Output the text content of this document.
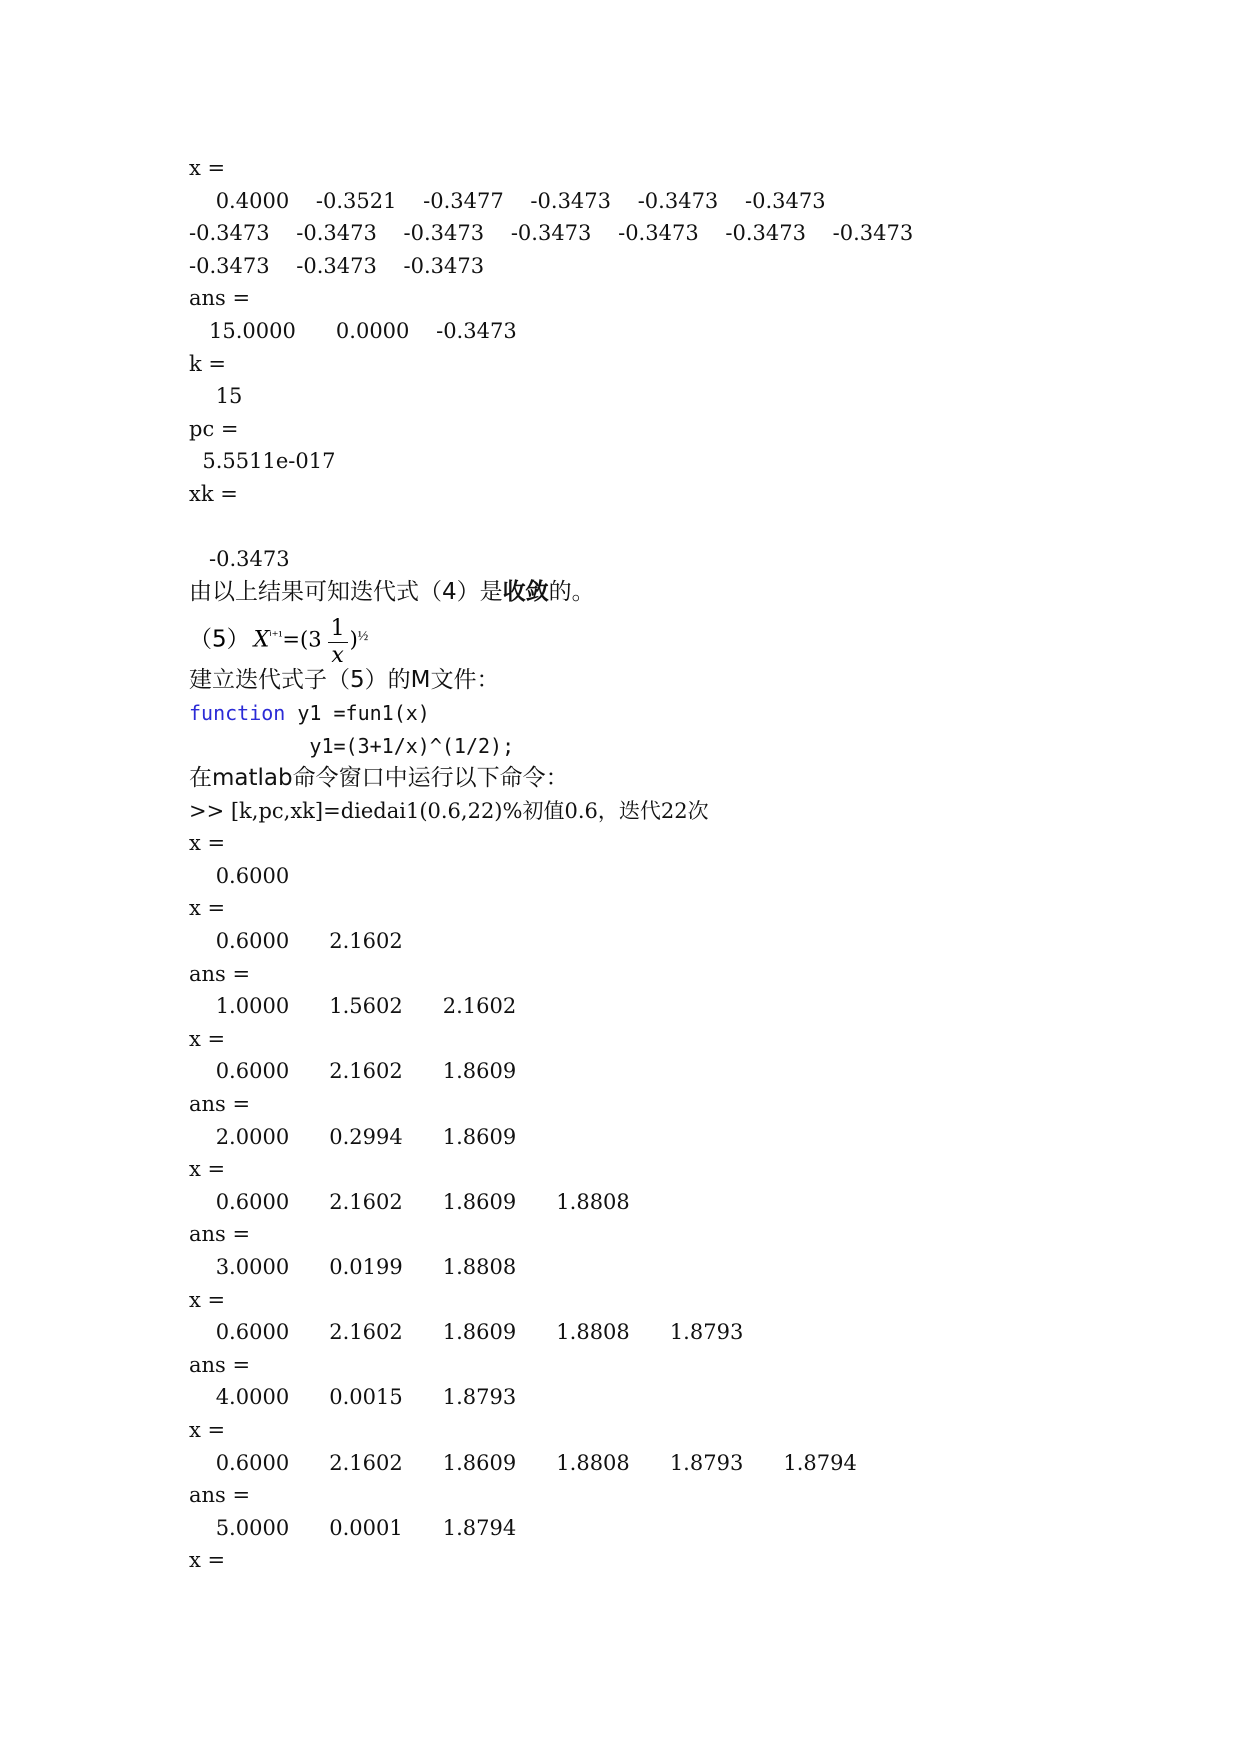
x =
0.4000    -0.3521    -0.3477    -0.3473    -0.3473    -0.3473
-0.3473    -0.3473    -0.3473    -0.3473    -0.3473    -0.3473    -0.3473
-0.3473    -0.3473    -0.3473
ans =
15.0000      0.0000    -0.3473
k =
15
pc =
5.5511e-017
xk =
-0.3473
由以上结果可知迭代式（4）是收敛的。
（5） $X^{^{i+1}}=(3 \frac{1}{x}$ )½
建立迭代式子（5）的M文件：
function y1 =fun1(x)
y1=(3+1/x)^(1/2);
在matlab命令窗口中运行以下命令：
>> [k,pc,xk]=diedai1(0.6,22)%初值0.6，迭代22次
x =
0.6000
x =
0.6000      2.1602
ans =
1.0000      1.5602      2.1602
x =
0.6000      2.1602      1.8609
ans =
2.0000      0.2994      1.8609
x =
0.6000      2.1602      1.8609      1.8808
ans =
3.0000      0.0199      1.8808
x =
0.6000      2.1602      1.8609      1.8808      1.8793
ans =
4.0000      0.0015      1.8793
x =
0.6000      2.1602      1.8609      1.8808      1.8793      1.8794
ans =
5.0000      0.0001      1.8794
x =
